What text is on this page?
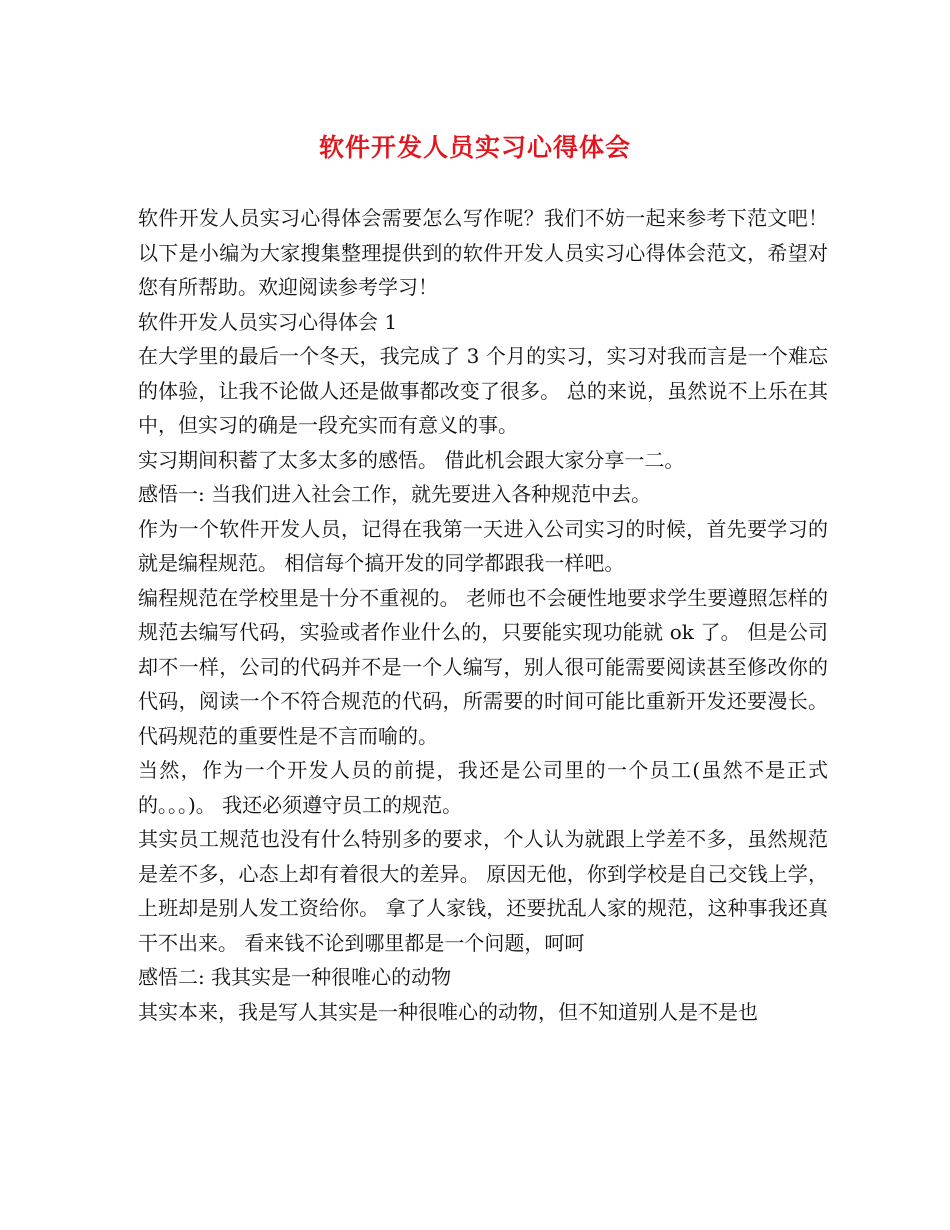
软件开发人员实习心得体会

软件开发人员实习心得体会需要怎么写作呢？我们不妨一起来参考下范文吧！以下是小编为大家搜集整理提供到的软件开发人员实习心得体会范文，希望对您有所帮助。欢迎阅读参考学习！

软件开发人员实习心得体会 1

在大学里的最后一个冬天，我完成了 3 个月的实习，实习对我而言是一个难忘的体验，让我不论做人还是做事都改变了很多。 总的来说，虽然说不上乐在其中，但实习的确是一段充实而有意义的事。

实习期间积蓄了太多太多的感悟。 借此机会跟大家分享一二。

感悟一: 当我们进入社会工作，就先要进入各种规范中去。

作为一个软件开发人员，记得在我第一天进入公司实习的时候，首先要学习的就是编程规范。 相信每个搞开发的同学都跟我一样吧。

编程规范在学校里是十分不重视的。 老师也不会硬性地要求学生要遵照怎样的规范去编写代码，实验或者作业什么的，只要能实现功能就 ok 了。 但是公司却不一样，公司的代码并不是一个人编写，别人很可能需要阅读甚至修改你的代码，阅读一个不符合规范的代码，所需要的时间可能比重新开发还要漫长。 代码规范的重要性是不言而喻的。

当然，作为一个开发人员的前提，我还是公司里的一个员工(虽然不是正式的。。。)。 我还必须遵守员工的规范。

其实员工规范也没有什么特别多的要求，个人认为就跟上学差不多，虽然规范是差不多，心态上却有着很大的差异。 原因无他，你到学校是自己交钱上学，上班却是别人发工资给你。 拿了人家钱，还要扰乱人家的规范，这种事我还真干不出来。 看来钱不论到哪里都是一个问题，呵呵

感悟二: 我其实是一种很唯心的动物

其实本来，我是写人其实是一种很唯心的动物，但不知道别人是不是也
